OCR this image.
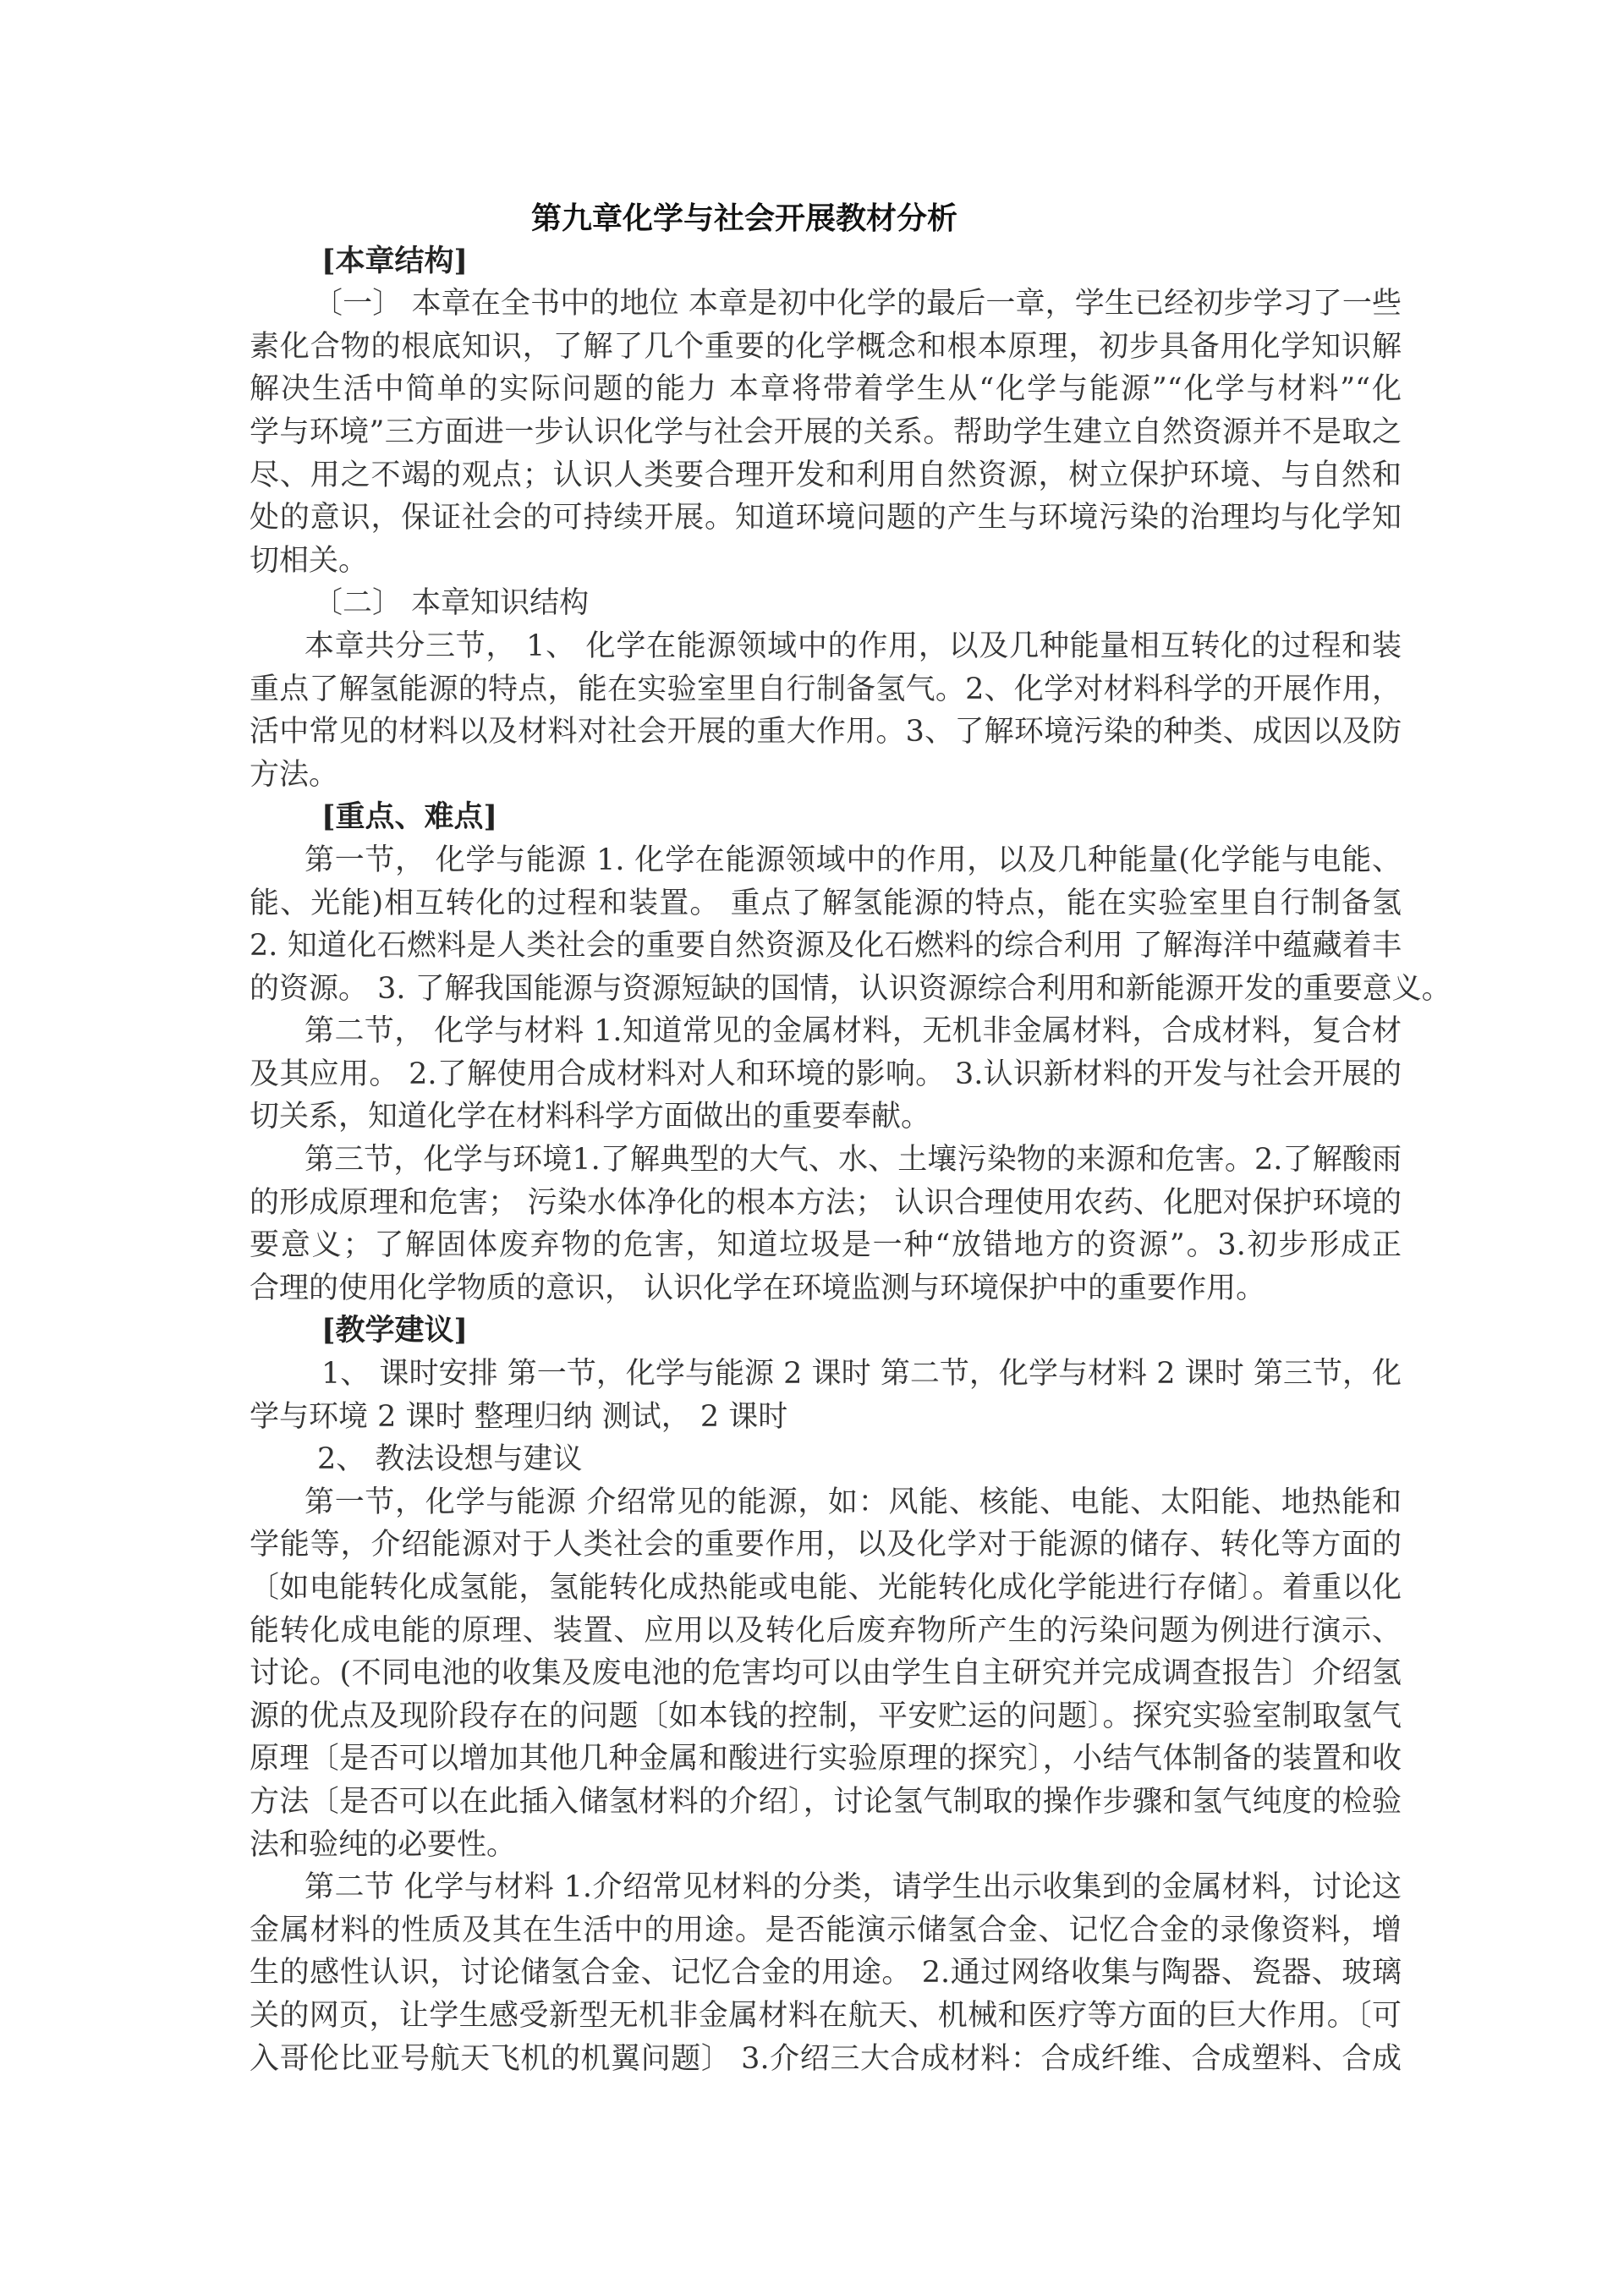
第九章化学与社会开展教材分析
[本章结构]
〔一〕 本章在全书中的地位 本章是初中化学的最后一章，学生已经初步学习了一些
素化合物的根底知识，了解了几个重要的化学概念和根本原理，初步具备用化学知识解
解决生活中简单的实际问题的能力 本章将带着学生从“化学与能源”“化学与材料”“化
学与环境”三方面进一步认识化学与社会开展的关系。帮助学生建立自然资源并不是取之
尽、用之不竭的观点；认识人类要合理开发和利用自然资源，树立保护环境、与自然和
处的意识，保证社会的可持续开展。知道环境问题的产生与环境污染的治理均与化学知
切相关。
〔二〕 本章知识结构
本章共分三节， 1、 化学在能源领域中的作用，以及几种能量相互转化的过程和装
重点了解氢能源的特点，能在实验室里自行制备氢气。2、化学对材料科学的开展作用，
活中常见的材料以及材料对社会开展的重大作用。3、了解环境污染的种类、成因以及防
方法。
[重点、难点]
第一节， 化学与能源 1. 化学在能源领域中的作用，以及几种能量(化学能与电能、
能、光能)相互转化的过程和装置。 重点了解氢能源的特点，能在实验室里自行制备氢
2. 知道化石燃料是人类社会的重要自然资源及化石燃料的综合利用 了解海洋中蕴藏着丰
的资源。 3. 了解我国能源与资源短缺的国情，认识资源综合利用和新能源开发的重要意义。
第二节， 化学与材料 1.知道常见的金属材料，无机非金属材料，合成材料，复合材
及其应用。 2.了解使用合成材料对人和环境的影响。 3.认识新材料的开发与社会开展的
切关系，知道化学在材料科学方面做出的重要奉献。
第三节，化学与环境1.了解典型的大气、水、土壤污染物的来源和危害。2.了解酸雨
的形成原理和危害； 污染水体净化的根本方法； 认识合理使用农药、化肥对保护环境的
要意义；了解固体废弃物的危害，知道垃圾是一种“放错地方的资源”。3.初步形成正
合理的使用化学物质的意识， 认识化学在环境监测与环境保护中的重要作用。
[教学建议]
1、 课时安排 第一节，化学与能源 2 课时 第二节，化学与材料 2 课时 第三节，化
学与环境 2 课时 整理归纳 测试， 2 课时
2、 教法设想与建议
第一节，化学与能源 介绍常见的能源，如：风能、核能、电能、太阳能、地热能和
学能等，介绍能源对于人类社会的重要作用，以及化学对于能源的储存、转化等方面的
〔如电能转化成氢能，氢能转化成热能或电能、光能转化成化学能进行存储〕。着重以化
能转化成电能的原理、装置、应用以及转化后废弃物所产生的污染问题为例进行演示、
讨论。(不同电池的收集及废电池的危害均可以由学生自主研究并完成调查报告〕介绍氢
源的优点及现阶段存在的问题〔如本钱的控制，平安贮运的问题〕。探究实验室制取氢气
原理〔是否可以增加其他几种金属和酸进行实验原理的探究〕，小结气体制备的装置和收
方法〔是否可以在此插入储氢材料的介绍〕，讨论氢气制取的操作步骤和氢气纯度的检验
法和验纯的必要性。
第二节 化学与材料 1.介绍常见材料的分类，请学生出示收集到的金属材料，讨论这
金属材料的性质及其在生活中的用途。是否能演示储氢合金、记忆合金的录像资料，增
生的感性认识，讨论储氢合金、记忆合金的用途。 2.通过网络收集与陶器、瓷器、玻璃
关的网页，让学生感受新型无机非金属材料在航天、机械和医疗等方面的巨大作用。〔可
入哥伦比亚号航天飞机的机翼问题〕 3.介绍三大合成材料：合成纤维、合成塑料、合成
